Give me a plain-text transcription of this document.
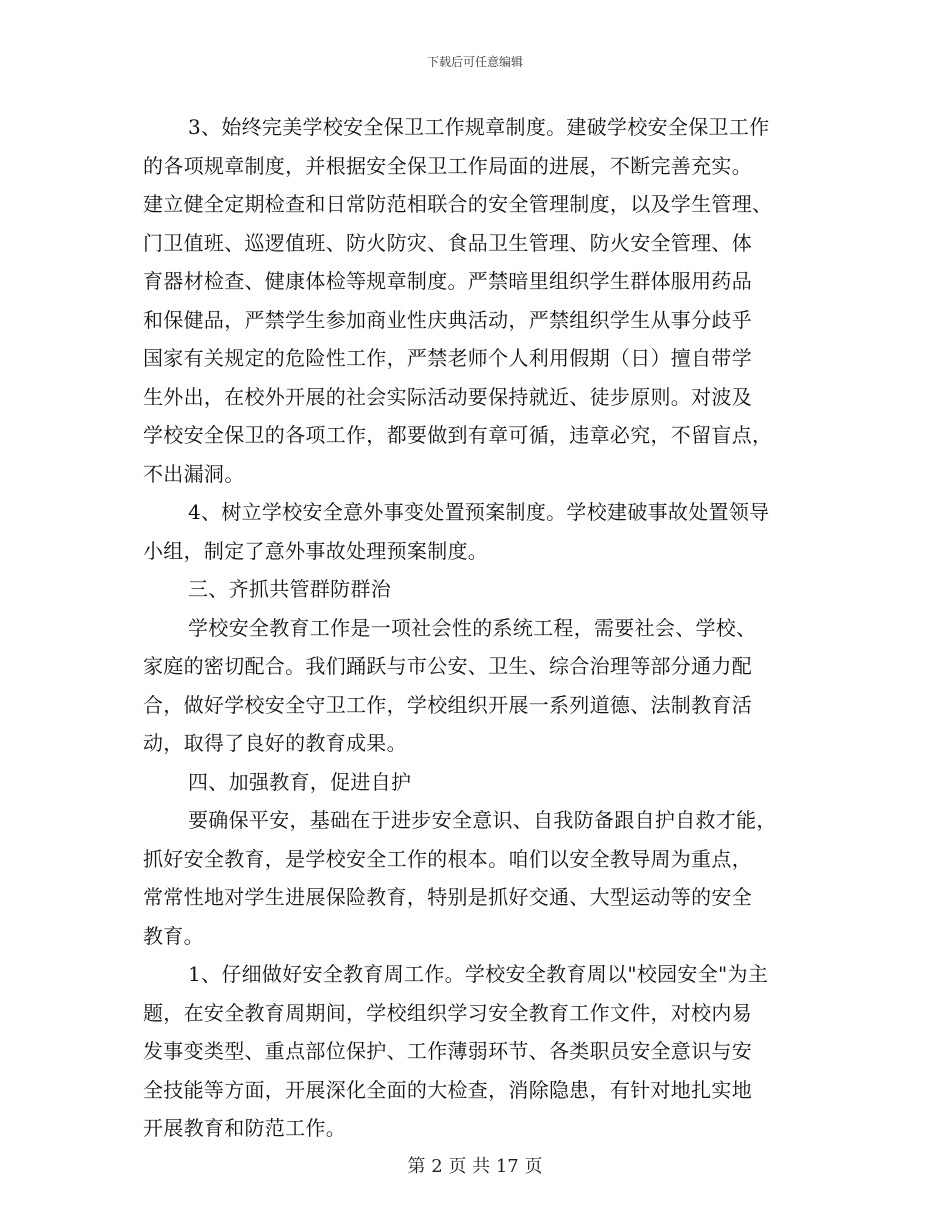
下载后可任意编辑
3、始终完美学校安全保卫工作规章制度。建破学校安全保卫工作
的各项规章制度，并根据安全保卫工作局面的进展，不断完善充实。
建立健全定期检查和日常防范相联合的安全管理制度，以及学生管理、
门卫值班、巡逻值班、防火防灾、食品卫生管理、防火安全管理、体
育器材检查、健康体检等规章制度。严禁暗里组织学生群体服用药品
和保健品，严禁学生参加商业性庆典活动，严禁组织学生从事分歧乎
国家有关规定的危险性工作，严禁老师个人利用假期（日）擅自带学
生外出，在校外开展的社会实际活动要保持就近、徒步原则。对波及
学校安全保卫的各项工作，都要做到有章可循，违章必究，不留盲点，
不出漏洞。
4、树立学校安全意外事变处置预案制度。学校建破事故处置领导
小组，制定了意外事故处理预案制度。
三、齐抓共管群防群治
学校安全教育工作是一项社会性的系统工程，需要社会、学校、
家庭的密切配合。我们踊跃与市公安、卫生、综合治理等部分通力配
合，做好学校安全守卫工作，学校组织开展一系列道德、法制教育活
动，取得了良好的教育成果。
四、加强教育，促进自护
要确保平安，基础在于进步安全意识、自我防备跟自护自救才能，
抓好安全教育，是学校安全工作的根本。咱们以安全教导周为重点，
常常性地对学生进展保险教育，特别是抓好交通、大型运动等的安全
教育。
1、仔细做好安全教育周工作。学校安全教育周以"校园安全"为主
题，在安全教育周期间，学校组织学习安全教育工作文件，对校内易
发事变类型、重点部位保护、工作薄弱环节、各类职员安全意识与安
全技能等方面，开展深化全面的大检查，消除隐患，有针对地扎实地
开展教育和防范工作。
第 2 页 共 17 页
